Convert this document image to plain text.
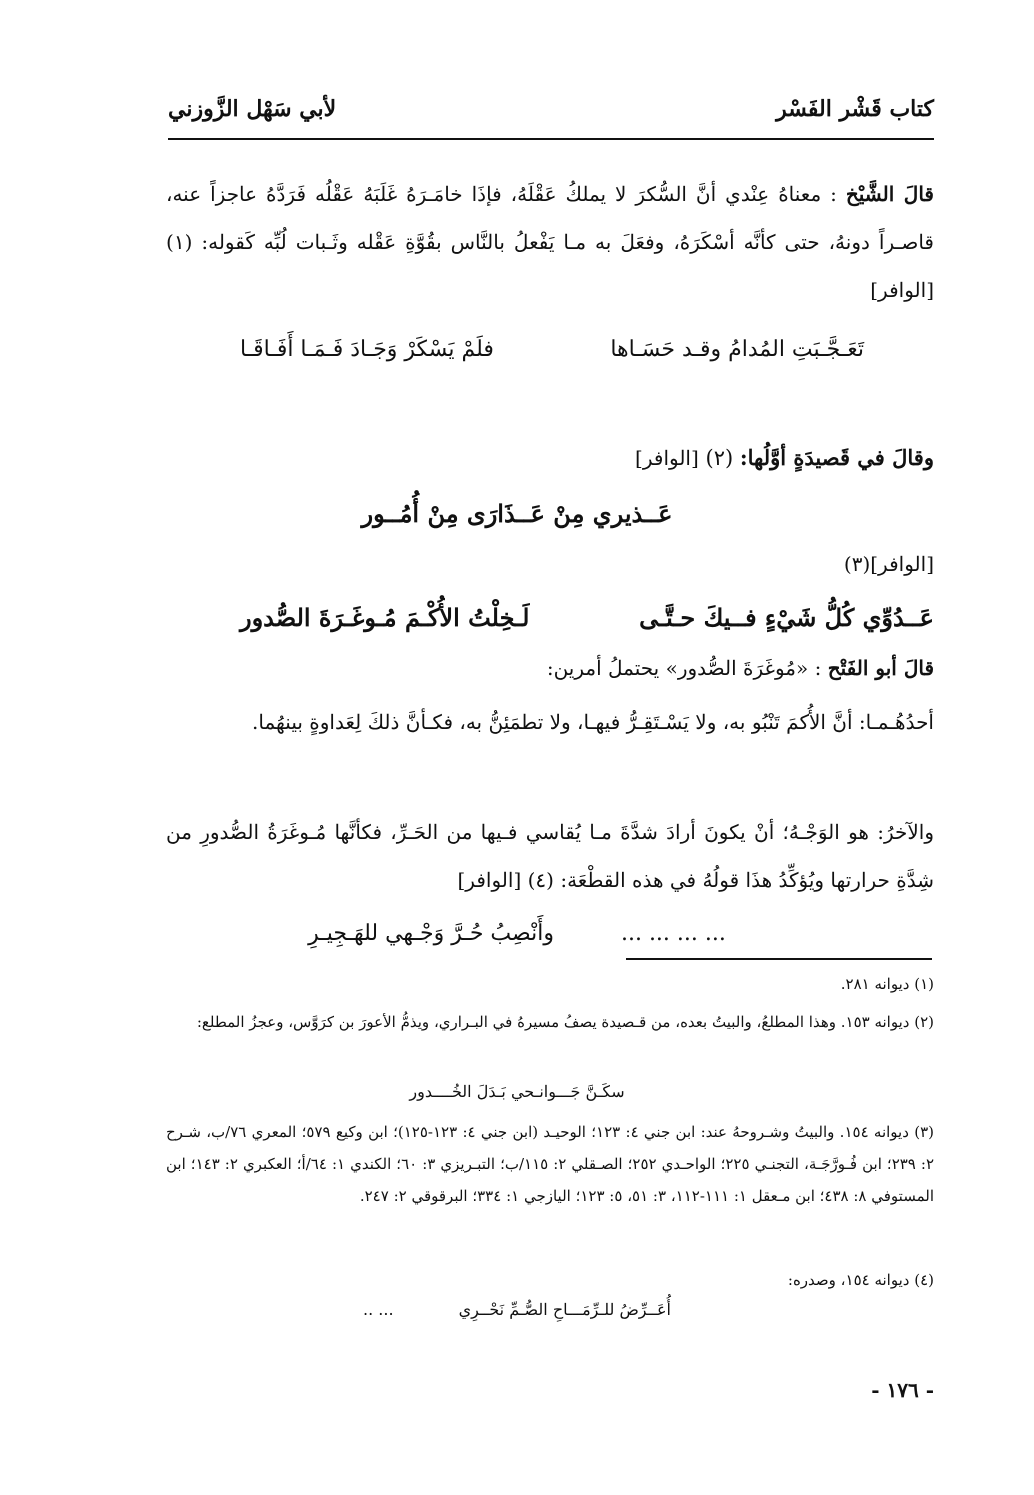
كتاب قَشْر الفَسْر
لأبي سَهْل الزَّوزني
قالَ الشَّيْخ : معناهُ عِنْدي أنَّ السُّكرَ لا يملكُ عَقْلَهُ، فإذَا خامَـرَهُ غَلَبَهُ عَقْلُه فَرَدَّهُ عاجزاً عنه، قاصـراً دونهُ، حتى كأنَّه أسْكَرَهُ، وفعَلَ به مـا يَفْعلُ بالنَّاس بقُوَّةِ عَقْله وثَـبات لُبِّه كَقوله: (١) [الوافر]
تَعَـجَّـبَتِ المُدامُ وقـد حَسَـاها
فلَمْ يَسْكَرْ وَجَـادَ فَـمَـا أَفَـاقَـا
وقالَ في قَصيدَةٍ أوَّلُها: (٢) [الوافر]
عَــذيري مِنْ عَــذَارَى مِنْ أُمُــور
[الوافر](٣)
عَــدُوِّي كُلُّ شَيْءٍ فــيكَ حـتَّـى
لَـخِلْتُ الأُكْـمَ مُـوغَـرَةَ الصُّدور
قالَ أبو الفَتْح : «مُوغَرَةَ الصُّدور» يحتملُ أمرين:
أحدُهُـمـا: أنَّ الأُكمَ تَنْبُو به، ولا يَسْـتَقِـرُّ فيهـا، ولا تطمَئِنُّ به، فكـأنَّ ذلكَ لِعَداوةٍ بينهُما.
والآخرُ: هو الوَجْـهُ؛ أنْ يكونَ أرادَ شدَّةَ مـا يُقاسي فـيها من الحَـرِّ، فكأنَّها مُـوغَرَةُ الصُّدورِ من شِدَّةِ حرارتها ويُؤكِّدُ هذَا قولُهُ في هذه القطْعَة: (٤) [الوافر]
... ... ... ... وأَنْصِبُ حُـرَّ وَجْـهي للهَـجِيـرِ
(١) ديوانه ٢٨١.
(٢) ديوانه ١٥٣. وهذا المطلعُ، والبيتُ بعده، من قـصيدة يصفُ مسيرهُ في البـراري، ويذمُّ الأعورَ بن كرَوَّس، وعجزُ المطلع:
سكَـنَّ جَـــوانـحي بَـدَلَ الخُــــدور
(٣) ديوانه ١٥٤. والبيتُ وشـروحهُ عند: ابن جني ٤: ١٢٣؛ الوحيـد (ابن جني ٤: ١٢٣-١٢٥)؛ ابن وكيع ٥٧٩؛ المعري ٧٦/ب، شـرح ٢: ٢٣٩؛ ابن فُـورَّجَـة، التجنـي ٢٢٥؛ الواحـدي ٢٥٢؛ الصـقلي ٢: ١١٥/ب؛ التبـريزي ٣: ٦٠؛ الكندي ١: ٦٤/أ؛ العكبري ٢: ١٤٣؛ ابن المستوفي ٨: ٤٣٨؛ ابن مـعقل ١: ١١١-١١٢، ٣: ٥١، ٥: ١٢٣؛ اليازجي ١: ٣٣٤؛ البرقوقي ٢: ٢٤٧.
(٤) ديوانه ١٥٤، وصدره:
أُعَــرِّضُ للـرِّمَـــاحِ الصُّـمِّ نَحْــرِي ... ..
- ١٧٦ -
